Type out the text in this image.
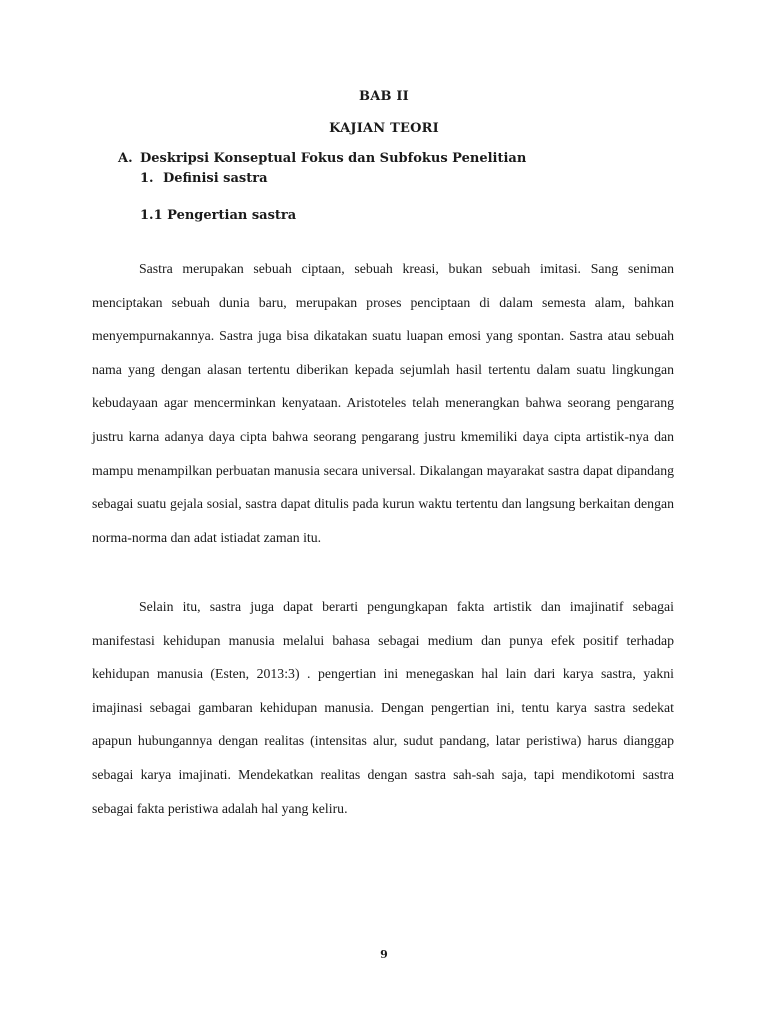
BAB II
KAJIAN TEORI
A. Deskripsi Konseptual Fokus dan Subfokus Penelitian
1. Definisi sastra
1.1 Pengertian sastra

Sastra merupakan sebuah ciptaan, sebuah kreasi, bukan sebuah imitasi. Sang seniman menciptakan sebuah dunia baru, merupakan proses penciptaan di dalam semesta alam, bahkan menyempurnakannya. Sastra juga bisa dikatakan suatu luapan emosi yang spontan. Sastra atau sebuah nama yang dengan alasan tertentu diberikan kepada sejumlah hasil tertentu dalam suatu lingkungan kebudayaan agar mencerminkan kenyataan. Aristoteles telah menerangkan bahwa seorang pengarang justru karna adanya daya cipta bahwa seorang pengarang justru kmemiliki daya cipta artistik-nya dan mampu menampilkan perbuatan manusia secara universal. Dikalangan mayarakat sastra dapat dipandang sebagai suatu gejala sosial, sastra dapat ditulis pada kurun waktu tertentu dan langsung berkaitan dengan norma-norma dan adat istiadat zaman itu.

Selain itu, sastra juga dapat berarti pengungkapan fakta artistik dan imajinatif sebagai manifestasi kehidupan manusia melalui bahasa sebagai medium dan punya efek positif terhadap kehidupan manusia (Esten, 2013:3) . pengertian ini menegaskan hal lain dari karya sastra, yakni imajinasi sebagai gambaran kehidupan manusia. Dengan pengertian ini, tentu karya sastra sedekat apapun hubungannya dengan realitas (intensitas alur, sudut pandang, latar peristiwa) harus dianggap sebagai karya imajinati. Mendekatkan realitas dengan sastra sah-sah saja, tapi mendikotomi sastra sebagai fakta peristiwa adalah hal yang keliru.

9
